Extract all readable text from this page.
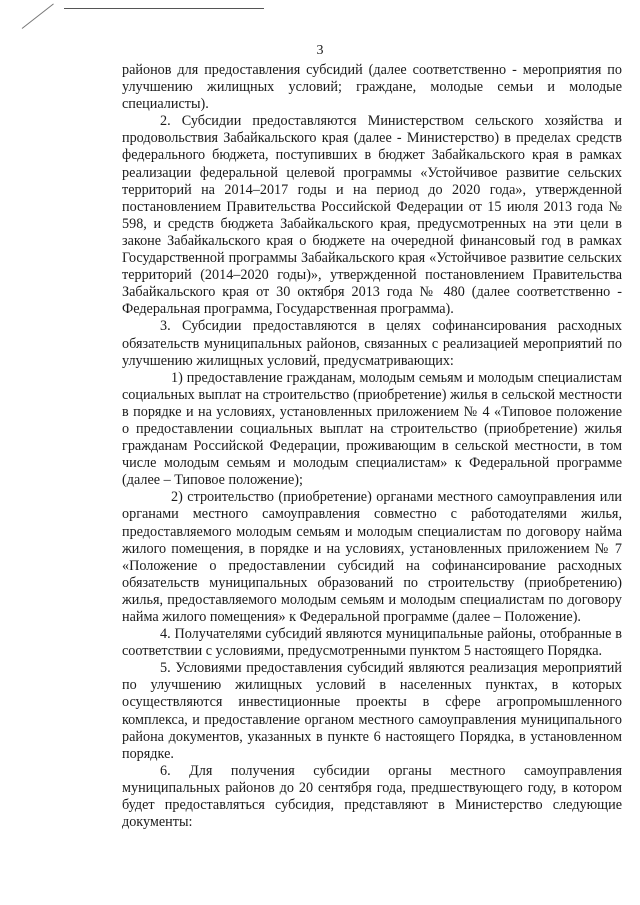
3

районов для предоставления субсидий (далее соответственно - мероприятия по улучшению жилищных условий; граждане, молодые семьи и молодые специалисты).

2. Субсидии предоставляются Министерством сельского хозяйства и продовольствия Забайкальского края (далее - Министерство) в пределах средств федерального бюджета, поступивших в бюджет Забайкальского края в рамках реализации федеральной целевой программы «Устойчивое развитие сельских территорий на 2014–2017 годы и на период до 2020 года», утвержденной постановлением Правительства Российской Федерации от 15 июля 2013 года № 598, и средств бюджета Забайкальского края, предусмотренных на эти цели в законе Забайкальского края о бюджете на очередной финансовый год в рамках Государственной программы Забайкальского края «Устойчивое развитие сельских территорий (2014–2020 годы)», утвержденной постановлением Правительства Забайкальского края от 30 октября 2013 года № 480 (далее соответственно - Федеральная программа, Государственная программа).

3. Субсидии предоставляются в целях софинансирования расходных обязательств муниципальных районов, связанных с реализацией мероприятий по улучшению жилищных условий, предусматривающих:

1) предоставление гражданам, молодым семьям и молодым специалистам социальных выплат на строительство (приобретение) жилья в сельской местности в порядке и на условиях, установленных приложением № 4 «Типовое положение о предоставлении социальных выплат на строительство (приобретение) жилья гражданам Российской Федерации, проживающим в сельской местности, в том числе молодым семьям и молодым специалистам» к Федеральной программе (далее – Типовое положение);

2) строительство (приобретение) органами местного самоуправления или органами местного самоуправления совместно с работодателями жилья, предоставляемого молодым семьям и молодым специалистам по договору найма жилого помещения, в порядке и на условиях, установленных приложением № 7 «Положение о предоставлении субсидий на софинансирование расходных обязательств муниципальных образований по строительству (приобретению) жилья, предоставляемого молодым семьям и молодым специалистам по договору найма жилого помещения» к Федеральной программе (далее – Положение).

4. Получателями субсидий являются муниципальные районы, отобранные в соответствии с условиями, предусмотренными пунктом 5 настоящего Порядка.

5. Условиями предоставления субсидий являются реализация мероприятий по улучшению жилищных условий в населенных пунктах, в которых осуществляются инвестиционные проекты в сфере агропромышленного комплекса, и предоставление органом местного самоуправления муниципального района документов, указанных в пункте 6 настоящего Порядка, в установленном порядке.

6. Для получения субсидии органы местного самоуправления муниципальных районов до 20 сентября года, предшествующего году, в котором будет предоставляться субсидия, представляют в Министерство следующие документы:
